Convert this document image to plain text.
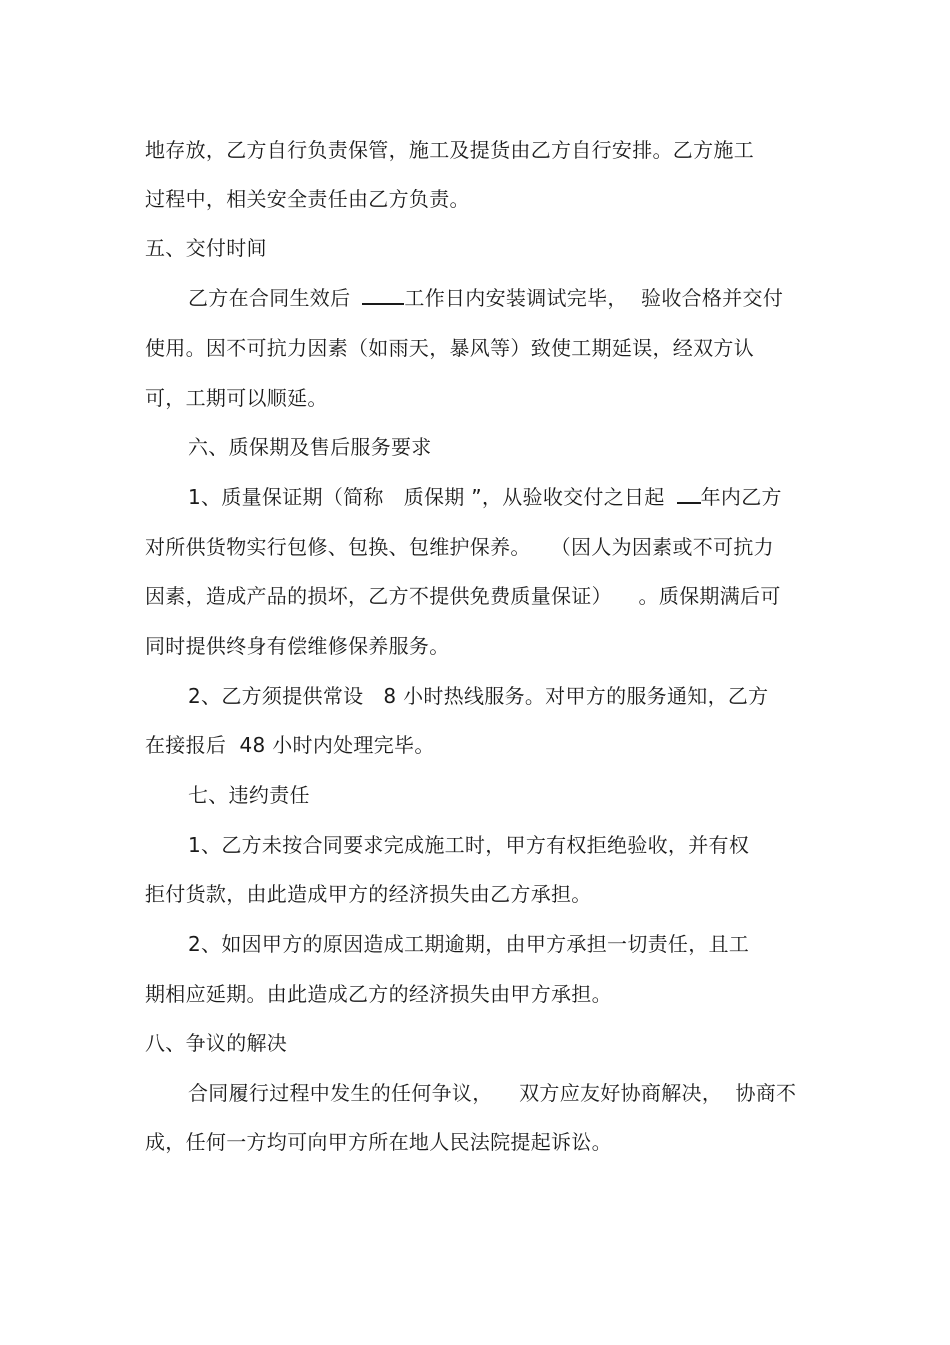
地存放，乙方自行负责保管，施工及提货由乙方自行安排。乙方施工
过程中，相关安全责任由乙方负责。
五、交付时间
乙方在合同生效后	工作日内安装调试完毕，  验收合格并交付
使用。因不可抗力因素（如雨天，暴风等）致使工期延误，经双方认
可，工期可以顺延。
六、质保期及售后服务要求
1、质量保证期（简称   质保期 ”，从验收交付之日起 年内乙方
对所供货物实行包修、包换、包维护保养。   （因人为因素或不可抗力
因素，造成产品的损坏，乙方不提供免费质量保证）    。质保期满后可
同时提供终身有偿维修保养服务。
2、乙方须提供常设   8 小时热线服务。对甲方的服务通知，乙方
在接报后  48 小时内处理完毕。
七、违约责任
1、乙方未按合同要求完成施工时，甲方有权拒绝验收，并有权
拒付货款，由此造成甲方的经济损失由乙方承担。
2、如因甲方的原因造成工期逾期，由甲方承担一切责任，且工
期相应延期。由此造成乙方的经济损失由甲方承担。
八、争议的解决
合同履行过程中发生的任何争议，    双方应友好协商解决，  协商不
成，任何一方均可向甲方所在地人民法院提起诉讼。
